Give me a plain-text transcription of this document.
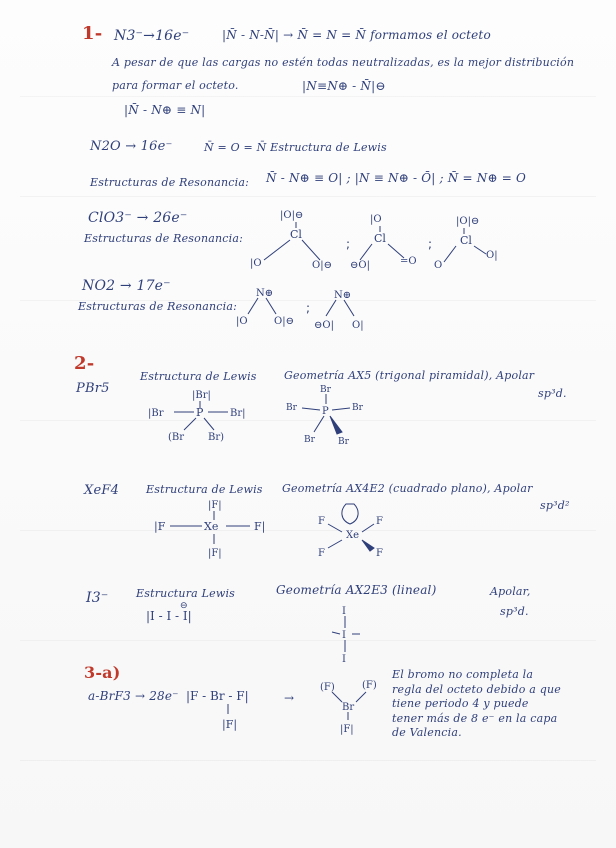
1- N3⁻→16e⁻	|N̄ - N-N̄| → N̄ = N = N̄ formamos el octeto
A pesar de que las cargas no estén todas neutralizadas, es la mejor distribución
para formar el octeto.	|N≡N⊕ - N̄|⊖
|N̄ - N⊕ ≡ N|
N2O → 16e⁻	N̄ = O = N̄ Estructura de Lewis
Estructuras de Resonancia: N̄ - N⊕ ≡ O| ; |N ≡ N⊕ - Ō| ; N̄ = N⊕ = O
ClO3⁻ → 26e⁻
Estructuras de Resonancia:
|O|⊖
Cl
|O	O|⊖
;
|O
Cl
⊖O|	=O
;
|O|⊖
Cl
O
O|
NO2 → 17e⁻
Estructuras de Resonancia:
N⊕
|O	O|⊖
;
N⊕
⊖O| O|
2-
PBr5
Estructura de Lewis Geometría AX5 (trigonal piramidal), Apolar
sp³d.
|Br|
P
|Br	Br|
(Br Br)
Br
P
Br	Br
Br	Br
XeF4 Estructura de Lewis Geometría AX4E2 (cuadrado plano), Apolar
sp³d²
|F|
Xe
|F	F|
|F|
Xe
F	F
F	F
I3⁻	Estructura Lewis	Geometría AX2E3 (lineal)	Apolar,
sp³d.
|I - I - I|
⊖	I
I
I
3-a)
a-BrF3 → 28e⁻ |F - Br - F|
|F|
→
(F)	(F)
Br
|F|
El bromo no completa la regla del octeto debido a que tiene periodo 4 y puede tener más de 8 e⁻ en la capa de Valencia.
